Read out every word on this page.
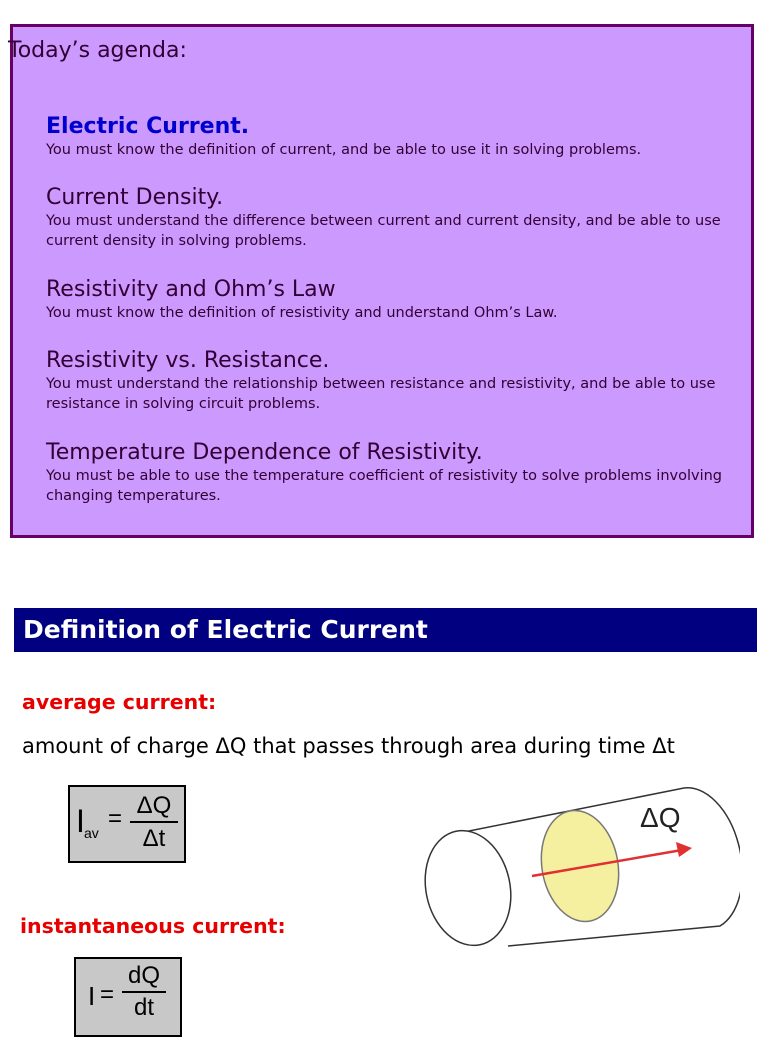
Today’s agenda:
Electric Current.
You must know the definition of current, and be able to use it in solving problems.
Current Density.
You must understand the difference between current and current density, and be able to use current density in solving problems.
Resistivity and Ohm’s Law
You must know the definition of resistivity and understand Ohm’s Law.
Resistivity vs. Resistance.
You must understand the relationship between resistance and resistivity, and be able to use resistance in solving circuit problems.
Temperature Dependence of Resistivity.
You must be able to use the temperature coefficient of resistivity to solve problems involving changing temperatures.
Definition of Electric Current
average current:
amount of charge ΔQ that passes through area during time Δt
I av
= ΔQ
Δt
instantaneous current:
I =
dQ
dt
ΔQ
